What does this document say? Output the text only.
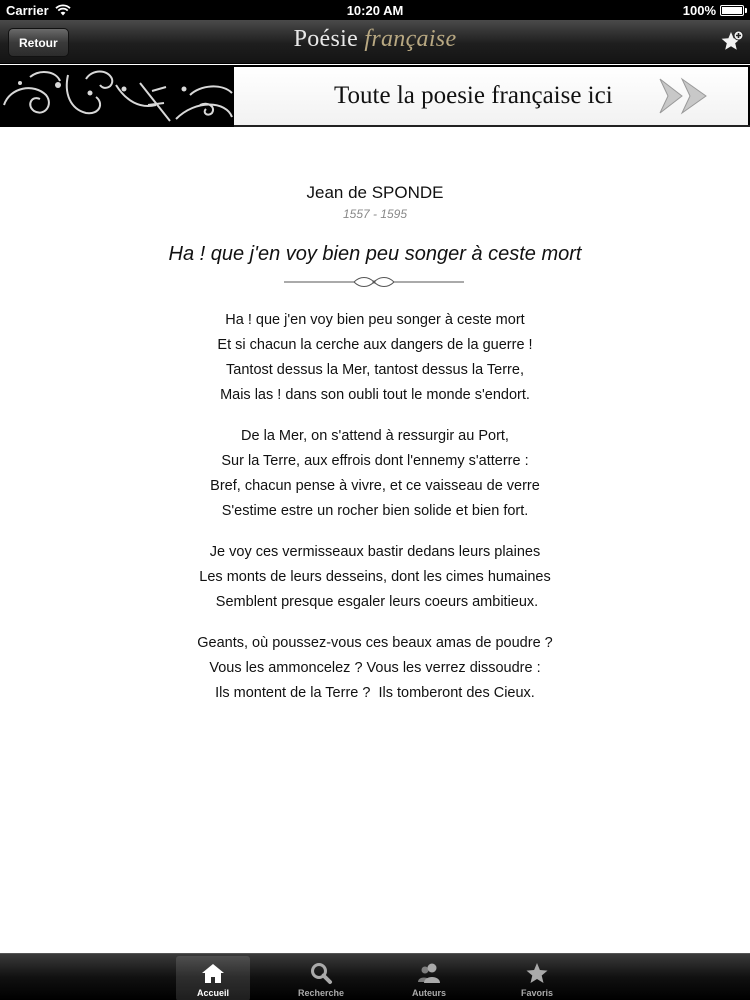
Carrier	10:20 AM	100%
Retour	Poésie française
Toute la poesie française ici
Jean de SPONDE
1557 - 1595
Ha ! que j'en voy bien peu songer à ceste mort
Ha ! que j'en voy bien peu songer à ceste mort
Et si chacun la cerche aux dangers de la guerre !
Tantost dessus la Mer, tantost dessus la Terre,
Mais las ! dans son oubli tout le monde s'endort.
De la Mer, on s'attend à ressurgir au Port,
Sur la Terre, aux effrois dont l'ennemy s'atterre :
Bref, chacun pense à vivre, et ce vaisseau de verre
S'estime estre un rocher bien solide et bien fort.
Je voy ces vermisseaux bastir dedans leurs plaines
Les monts de leurs desseins, dont les cimes humaines
Semblent presque esgaler leurs coeurs ambitieux.
Geants, où poussez-vous ces beaux amas de poudre ?
Vous les ammoncelez ? Vous les verrez dissoudre :
Ils montent de la Terre ?  Ils tomberont des Cieux.
Accueil	Recherche	Auteurs	Favoris
